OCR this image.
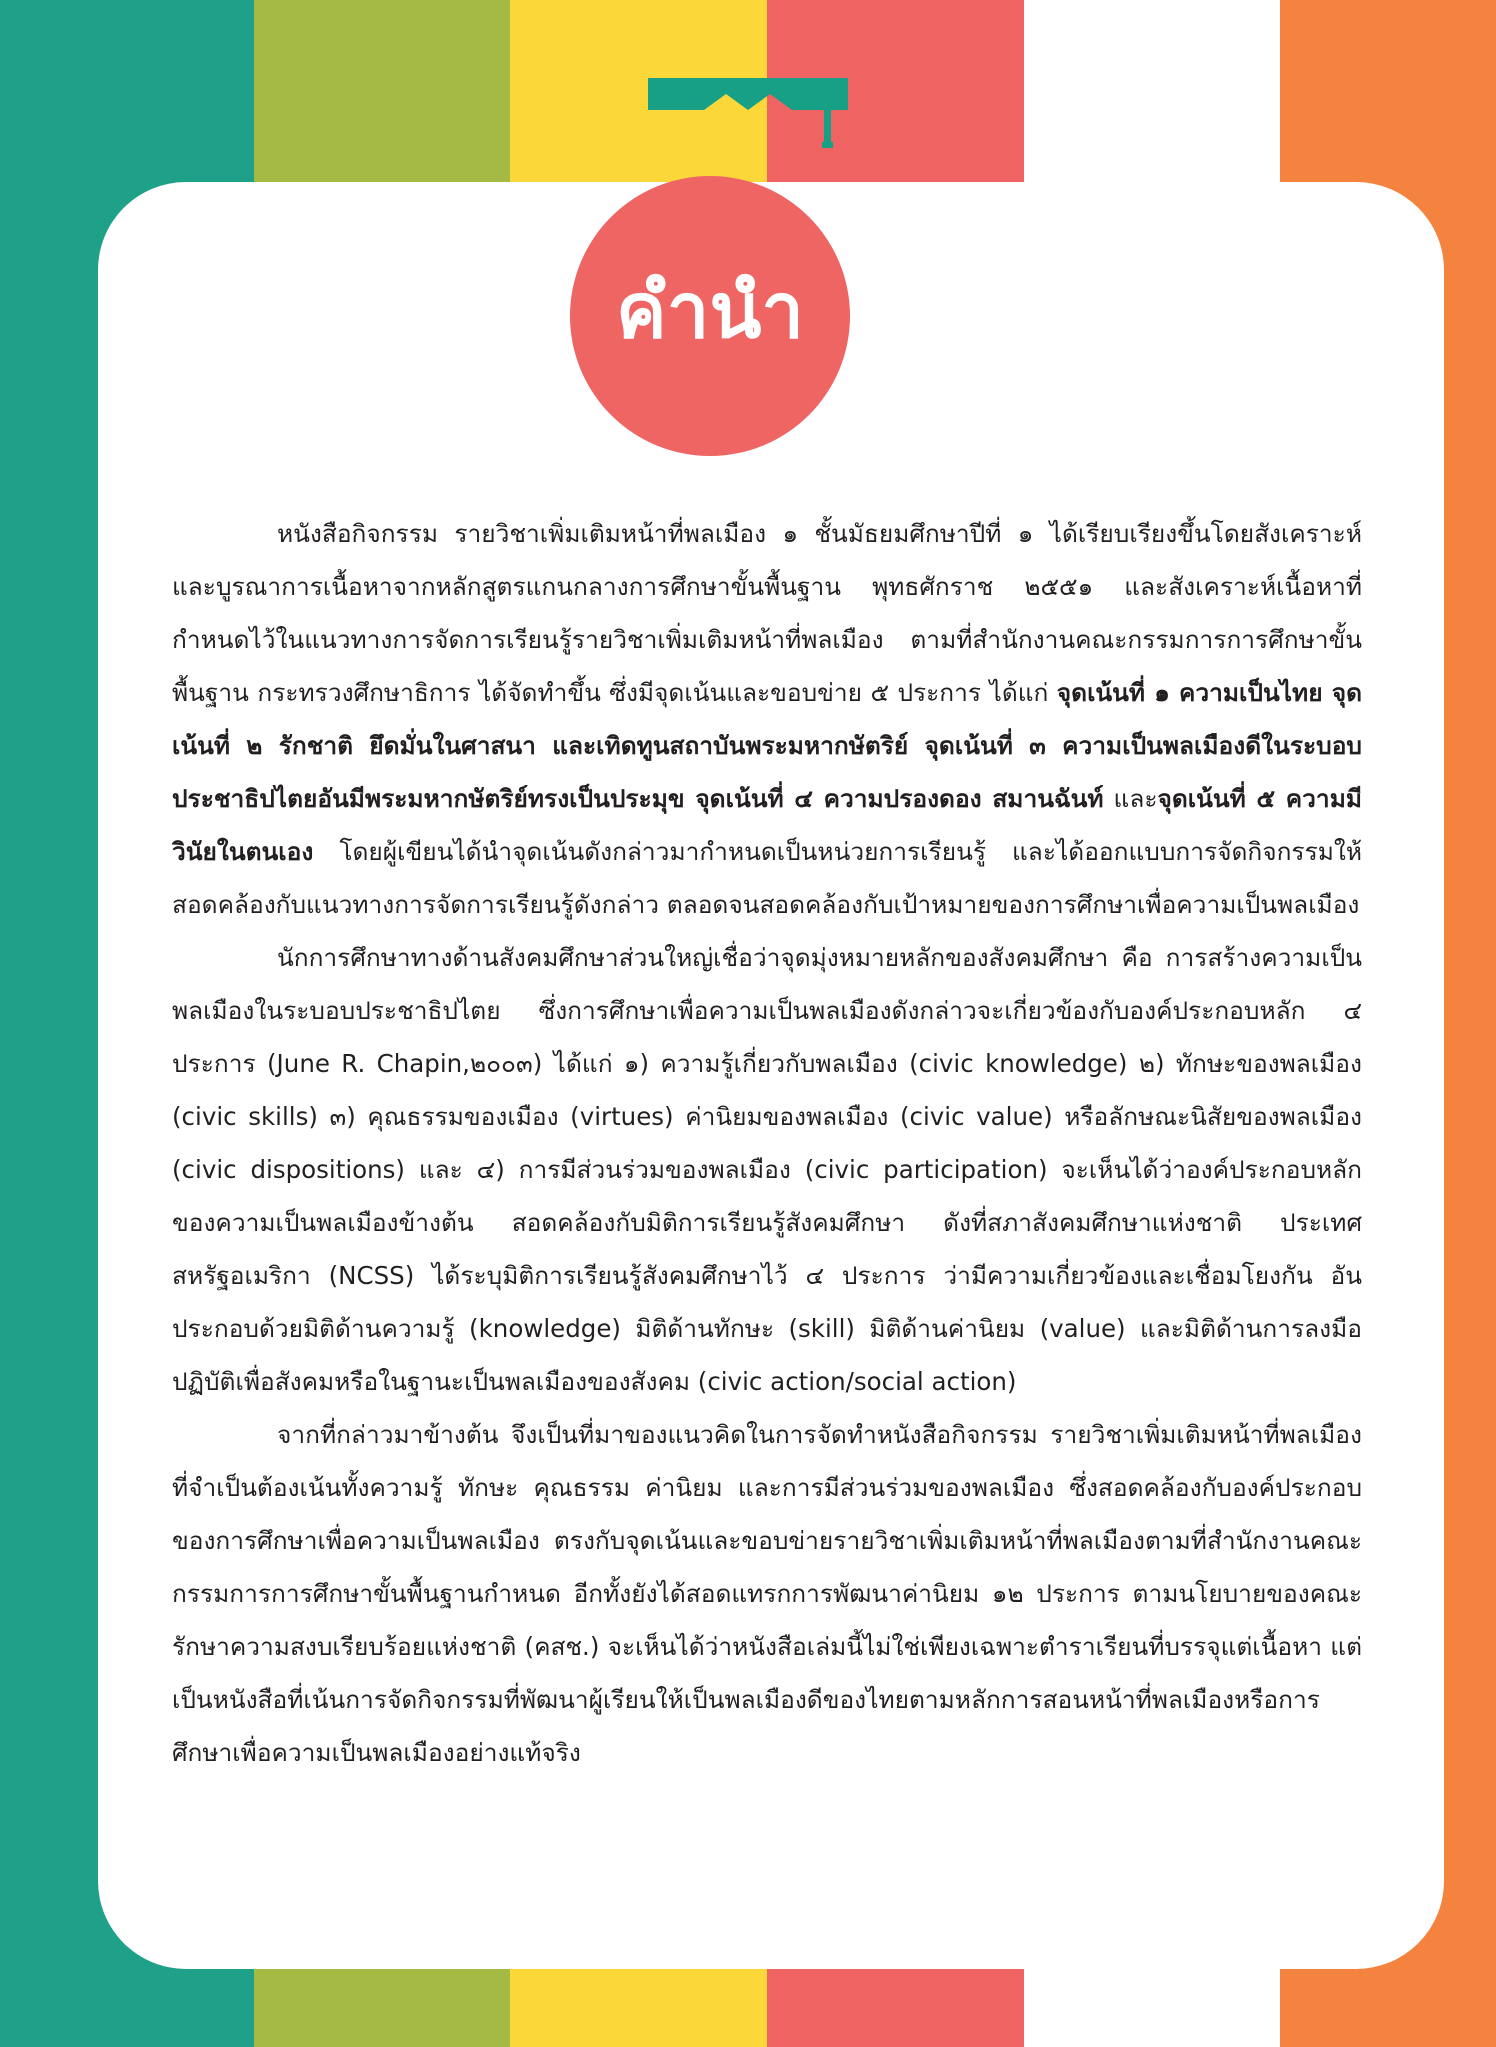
คำนำ

หนังสือกิจกรรม รายวิชาเพิ่มเติมหน้าที่พลเมือง ๑ ชั้นมัธยมศึกษาปีที่ ๑ ได้เรียบเรียงขึ้นโดยสังเคราะห์และบูรณาการเนื้อหาจากหลักสูตรแกนกลางการศึกษาขั้นพื้นฐาน พุทธศักราช ๒๕๕๑ และสังเคราะห์เนื้อหาที่กำหนดไว้ในแนวทางการจัดการเรียนรู้รายวิชาเพิ่มเติมหน้าที่พลเมือง ตามที่สำนักงานคณะกรรมการการศึกษาขั้นพื้นฐาน กระทรวงศึกษาธิการ ได้จัดทำขึ้น ซึ่งมีจุดเน้นและขอบข่าย ๕ ประการ ได้แก่ จุดเน้นที่ ๑ ความเป็นไทย จุดเน้นที่ ๒ รักชาติ ยึดมั่นในศาสนา และเทิดทูนสถาบันพระมหากษัตริย์ จุดเน้นที่ ๓ ความเป็นพลเมืองดีในระบอบประชาธิปไตยอันมีพระมหากษัตริย์ทรงเป็นประมุข จุดเน้นที่ ๔ ความปรองดอง สมานฉันท์ และจุดเน้นที่ ๕ ความมีวินัยในตนเอง โดยผู้เขียนได้นำจุดเน้นดังกล่าวมากำหนดเป็นหน่วยการเรียนรู้ และได้ออกแบบการจัดกิจกรรมให้สอดคล้องกับแนวทางการจัดการเรียนรู้ดังกล่าว ตลอดจนสอดคล้องกับเป้าหมายของการศึกษาเพื่อความเป็นพลเมือง

นักการศึกษาทางด้านสังคมศึกษาส่วนใหญ่เชื่อว่าจุดมุ่งหมายหลักของสังคมศึกษา คือ การสร้างความเป็นพลเมืองในระบอบประชาธิปไตย ซึ่งการศึกษาเพื่อความเป็นพลเมืองดังกล่าวจะเกี่ยวข้องกับองค์ประกอบหลัก ๔ ประการ (June R. Chapin,๒๐๐๓) ได้แก่ ๑) ความรู้เกี่ยวกับพลเมือง (civic knowledge) ๒) ทักษะของพลเมือง (civic skills) ๓) คุณธรรมของเมือง (virtues) ค่านิยมของพลเมือง (civic value) หรือลักษณะนิสัยของพลเมือง (civic dispositions) และ ๔) การมีส่วนร่วมของพลเมือง (civic participation) จะเห็นได้ว่าองค์ประกอบหลักของความเป็นพลเมืองข้างต้น สอดคล้องกับมิติการเรียนรู้สังคมศึกษา ดังที่สภาสังคมศึกษาแห่งชาติ ประเทศสหรัฐอเมริกา (NCSS) ได้ระบุมิติการเรียนรู้สังคมศึกษาไว้ ๔ ประการ ว่ามีความเกี่ยวข้องและเชื่อมโยงกัน อันประกอบด้วยมิติด้านความรู้ (knowledge) มิติด้านทักษะ (skill) มิติด้านค่านิยม (value) และมิติด้านการลงมือปฏิบัติเพื่อสังคมหรือในฐานะเป็นพลเมืองของสังคม (civic action/social action)

จากที่กล่าวมาข้างต้น จึงเป็นที่มาของแนวคิดในการจัดทำหนังสือกิจกรรม รายวิชาเพิ่มเติมหน้าที่พลเมือง ที่จำเป็นต้องเน้นทั้งความรู้ ทักษะ คุณธรรม ค่านิยม และการมีส่วนร่วมของพลเมือง ซึ่งสอดคล้องกับองค์ประกอบของการศึกษาเพื่อความเป็นพลเมือง ตรงกับจุดเน้นและขอบข่ายรายวิชาเพิ่มเติมหน้าที่พลเมืองตามที่สำนักงานคณะกรรมการการศึกษาขั้นพื้นฐานกำหนด อีกทั้งยังได้สอดแทรกการพัฒนาค่านิยม ๑๒ ประการ ตามนโยบายของคณะรักษาความสงบเรียบร้อยแห่งชาติ (คสช.) จะเห็นได้ว่าหนังสือเล่มนี้ไม่ใช่เพียงเฉพาะตำราเรียนที่บรรจุแต่เนื้อหา แต่เป็นหนังสือที่เน้นการจัดกิจกรรมที่พัฒนาผู้เรียนให้เป็นพลเมืองดีของไทยตามหลักการสอนหน้าที่พลเมืองหรือการศึกษาเพื่อความเป็นพลเมืองอย่างแท้จริง
